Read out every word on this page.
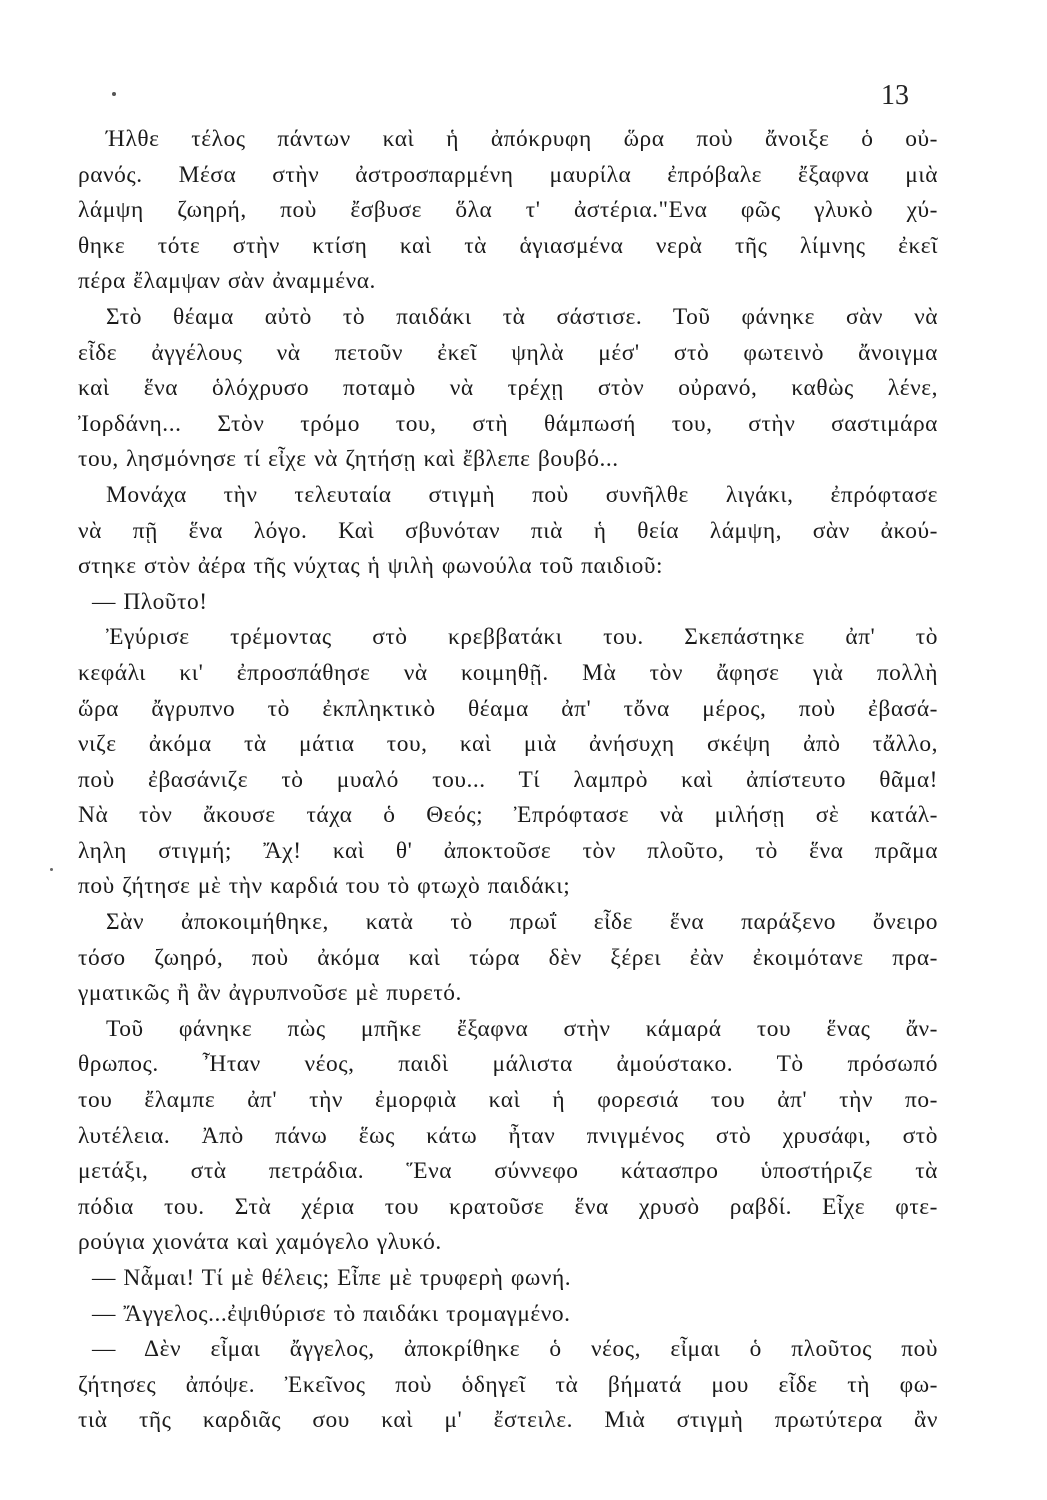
13
Ήλθε τέλος πάντων καὶ ἡ ἀπόκρυφη ὥρα ποὺ ἄνοιξε ὁ οὐ-
ρανός. Μέσα στὴν ἀστροσπαρμένη μαυρίλα ἐπρόβαλε ἔξαφνα μιὰ
λάμψη ζωηρή, ποὺ ἔσβυσε ὅλα τ' ἀστέρια."Ενα φῶς γλυκὸ χύ-
θηκε τότε στὴν κτίση καὶ τὰ ἁγιασμένα νερὰ τῆς λίμνης ἐκεῖ
πέρα ἔλαμψαν σὰν ἀναμμένα.
Στὸ θέαμα αὐτὸ τὸ παιδάκι τὰ σάστισε. Τοῦ φάνηκε σὰν νὰ
εἶδε ἀγγέλους νὰ πετοῦν ἐκεῖ ψηλὰ μέσ' στὸ φωτεινὸ ἄνοιγμα
καὶ ἕνα ὁλόχρυσο ποταμὸ νὰ τρέχῃ στὸν οὐρανό, καθὼς λένε,
Ἰορδάνη... Στὸν τρόμο του, στὴ θάμπωσή του, στὴν σαστιμάρα
του, λησμόνησε τί εἶχε νὰ ζητήσῃ καὶ ἔβλεπε βουβό...
Μονάχα τὴν τελευταία στιγμὴ ποὺ συνῆλθε λιγάκι, ἐπρόφτασε
νὰ πῇ ἕνα λόγο. Καὶ σβυνόταν πιὰ ἡ θεία λάμψη, σὰν ἀκού-
στηκε στὸν ἀέρα τῆς νύχτας ἡ ψιλὴ φωνούλα τοῦ παιδιοῦ:
— Πλοῦτο!
Ἐγύρισε τρέμοντας στὸ κρεββατάκι του. Σκεπάστηκε ἀπ' τὸ
κεφάλι κι' ἐπροσπάθησε νὰ κοιμηθῇ. Μὰ τὸν ἄφησε γιὰ πολλὴ
ὥρα ἄγρυπνο τὸ ἐκπληκτικὸ θέαμα ἀπ' τὄνα μέρος, ποὺ ἐβασά-
νιζε ἀκόμα τὰ μάτια του, καὶ μιὰ ἀνήσυχη σκέψη ἀπὸ τἄλλο,
ποὺ ἐβασάνιζε τὸ μυαλό του... Τί λαμπρὸ καὶ ἀπίστευτο θᾶμα!
Νὰ τὸν ἄκουσε τάχα ὁ Θεός; Ἐπρόφτασε νὰ μιλήσῃ σὲ κατάλ-
ληλη στιγμή; Ἄχ! καὶ θ' ἀποκτοῦσε τὸν πλοῦτο, τὸ ἕνα πρᾶμα
ποὺ ζήτησε μὲ τὴν καρδιά του τὸ φτωχὸ παιδάκι;
Σὰν ἀποκοιμήθηκε, κατὰ τὸ πρωΐ εἶδε ἕνα παράξενο ὄνειρο
τόσο ζωηρό, ποὺ ἀκόμα καὶ τώρα δὲν ξέρει ἐὰν ἐκοιμότανε πρα-
γματικῶς ἢ ἂν ἀγρυπνοῦσε μὲ πυρετό.
Τοῦ φάνηκε πὼς μπῆκε ἔξαφνα στὴν κάμαρά του ἕνας ἄν-
θρωπος. Ἦταν νέος, παιδὶ μάλιστα ἀμούστακο. Τὸ πρόσωπό
του ἔλαμπε ἀπ' τὴν ἐμορφιὰ καὶ ἡ φορεσιά του ἀπ' τὴν πο-
λυτέλεια. Ἀπὸ πάνω ἕως κάτω ἦταν πνιγμένος στὸ χρυσάφι, στὸ
μετάξι, στὰ πετράδια. Ἕνα σύννεφο κάτασπρο ὑποστήριζε τὰ
πόδια του. Στὰ χέρια του κρατοῦσε ἕνα χρυσὸ ραβδί. Εἶχε φτε-
ρούγια χιονάτα καὶ χαμόγελο γλυκό.
— Νἆμαι! Τί μὲ θέλεις; Εἶπε μὲ τρυφερὴ φωνή.
— Ἄγγελος...ἐψιθύρισε τὸ παιδάκι τρομαγμένο.
— Δὲν εἶμαι ἄγγελος, ἀποκρίθηκε ὁ νέος, εἶμαι ὁ πλοῦτος ποὺ
ζήτησες ἀπόψε. Ἐκεῖνος ποὺ ὁδηγεῖ τὰ βήματά μου εἶδε τὴ φω-
τιὰ τῆς καρδιᾶς σου καὶ μ' ἔστειλε. Μιὰ στιγμὴ πρωτύτερα ἂν
